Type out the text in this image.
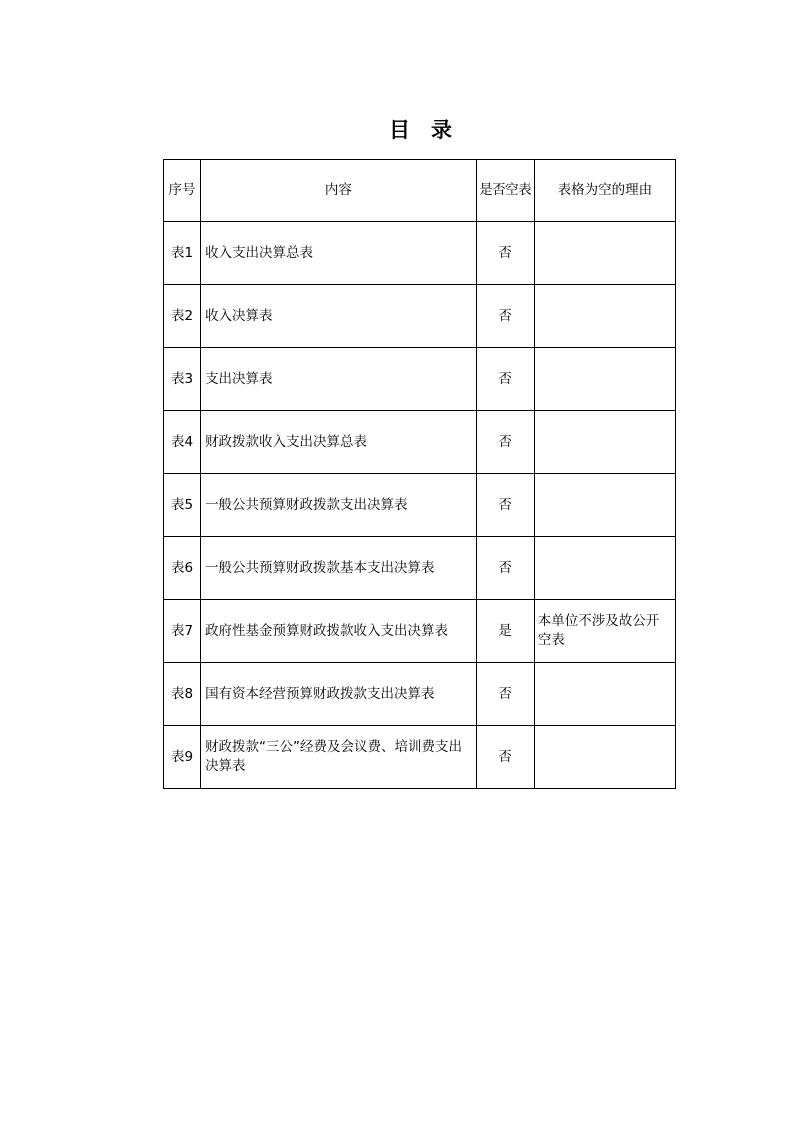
目　录
序号	内容	是否空表	表格为空的理由
表1	收入支出决算总表	否	
表2	收入决算表	否	
表3	支出决算表	否	
表4	财政拨款收入支出决算总表	否	
表5	一般公共预算财政拨款支出决算表	否	
表6	一般公共预算财政拨款基本支出决算表	否	
表7	政府性基金预算财政拨款收入支出决算表	是	本单位不涉及故公开空表
表8	国有资本经营预算财政拨款支出决算表	否	
表9	财政拨款“三公”经费及会议费、培训费支出决算表	否	
